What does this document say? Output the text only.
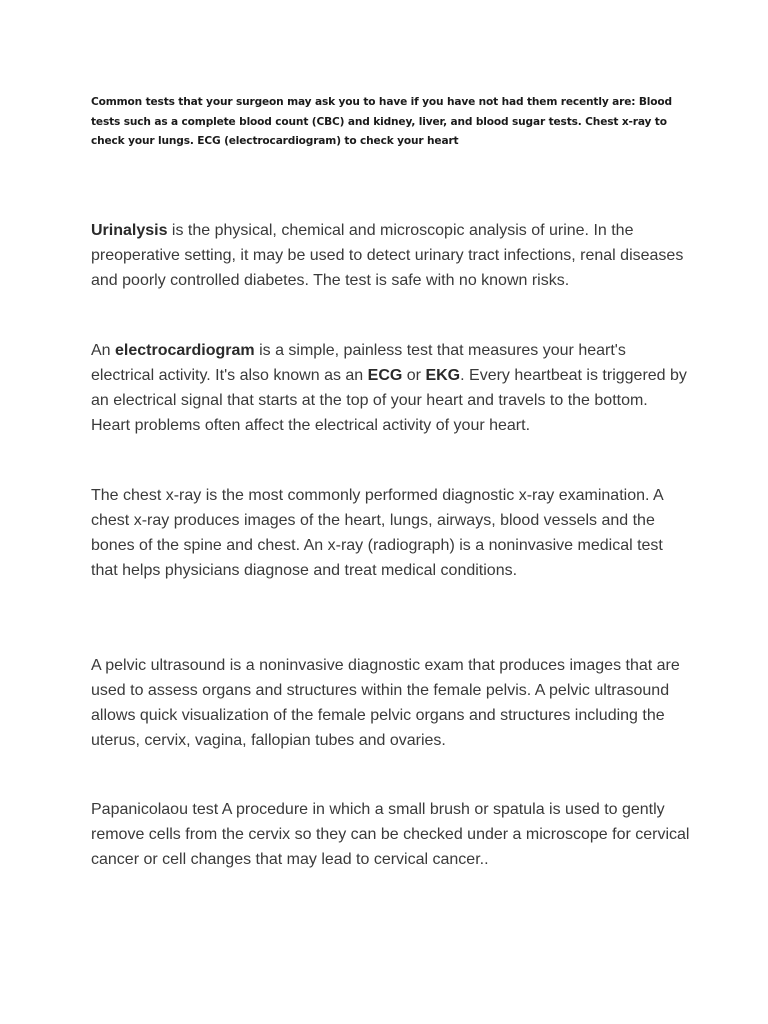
Common tests that your surgeon may ask you to have if you have not had them recently are: Blood tests such as a complete blood count (CBC) and kidney, liver, and blood sugar tests. Chest x-ray to check your lungs. ECG (electrocardiogram) to check your heart

Urinalysis is the physical, chemical and microscopic analysis of urine. In the preoperative setting, it may be used to detect urinary tract infections, renal diseases and poorly controlled diabetes. The test is safe with no known risks.

An electrocardiogram is a simple, painless test that measures your heart's electrical activity. It's also known as an ECG or EKG. Every heartbeat is triggered by an electrical signal that starts at the top of your heart and travels to the bottom. Heart problems often affect the electrical activity of your heart.

The chest x-ray is the most commonly performed diagnostic x-ray examination. A chest x-ray produces images of the heart, lungs, airways, blood vessels and the bones of the spine and chest. An x-ray (radiograph) is a noninvasive medical test that helps physicians diagnose and treat medical conditions.

A pelvic ultrasound is a noninvasive diagnostic exam that produces images that are used to assess organs and structures within the female pelvis. A pelvic ultrasound allows quick visualization of the female pelvic organs and structures including the uterus, cervix, vagina, fallopian tubes and ovaries.

Papanicolaou test A procedure in which a small brush or spatula is used to gently remove cells from the cervix so they can be checked under a microscope for cervical cancer or cell changes that may lead to cervical cancer..
